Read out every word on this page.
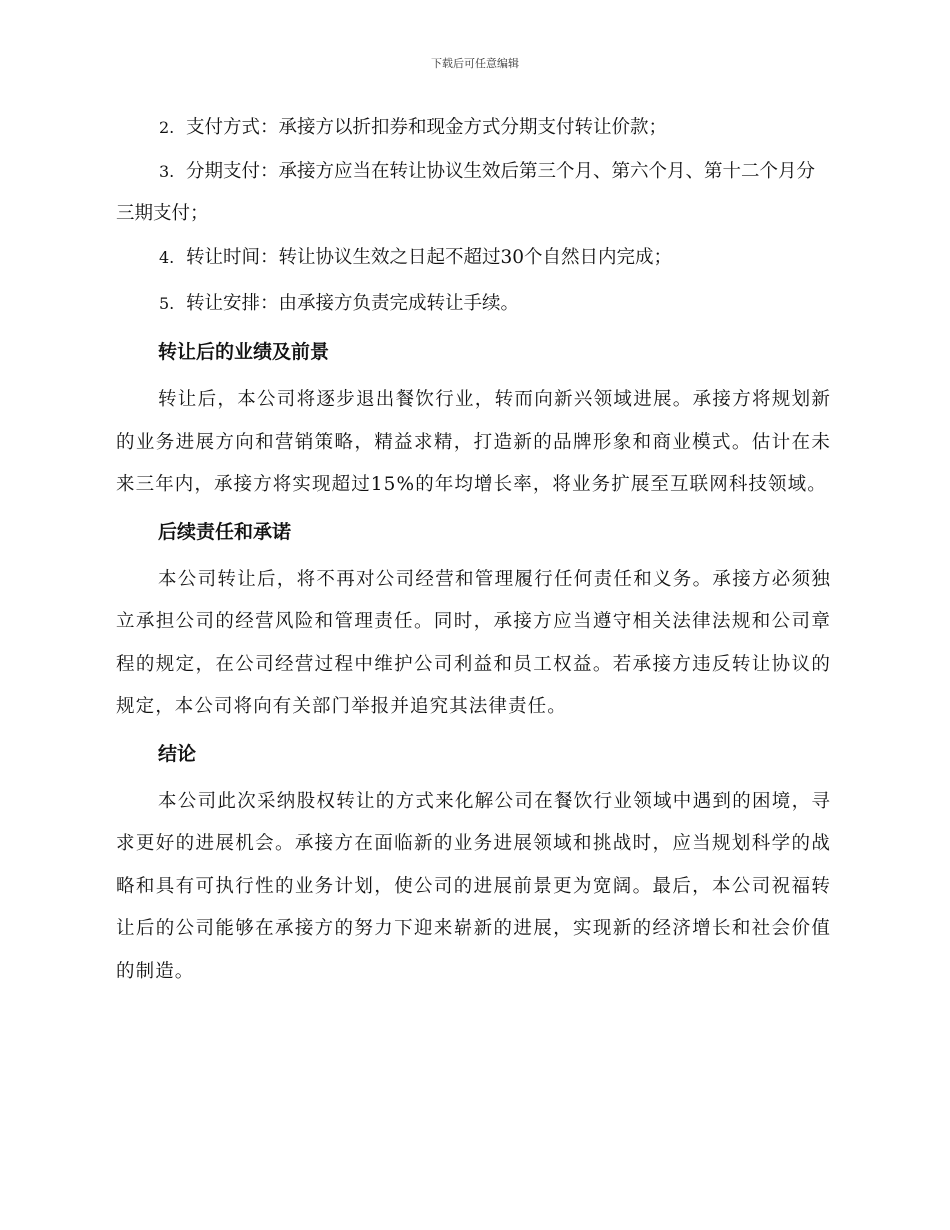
下载后可任意编辑

2. 支付方式：承接方以折扣券和现金方式分期支付转让价款；

3. 分期支付：承接方应当在转让协议生效后第三个月、第六个月、第十二个月分三期支付；

4. 转让时间：转让协议生效之日起不超过30个自然日内完成；

5. 转让安排：由承接方负责完成转让手续。

转让后的业绩及前景

转让后，本公司将逐步退出餐饮行业，转而向新兴领域进展。承接方将规划新的业务进展方向和营销策略，精益求精，打造新的品牌形象和商业模式。估计在未来三年内，承接方将实现超过15%的年均增长率，将业务扩展至互联网科技领域。

后续责任和承诺

本公司转让后，将不再对公司经营和管理履行任何责任和义务。承接方必须独立承担公司的经营风险和管理责任。同时，承接方应当遵守相关法律法规和公司章程的规定，在公司经营过程中维护公司利益和员工权益。若承接方违反转让协议的规定，本公司将向有关部门举报并追究其法律责任。

结论

本公司此次采纳股权转让的方式来化解公司在餐饮行业领域中遇到的困境，寻求更好的进展机会。承接方在面临新的业务进展领域和挑战时，应当规划科学的战略和具有可执行性的业务计划，使公司的进展前景更为宽阔。最后，本公司祝福转让后的公司能够在承接方的努力下迎来崭新的进展，实现新的经济增长和社会价值的制造。
